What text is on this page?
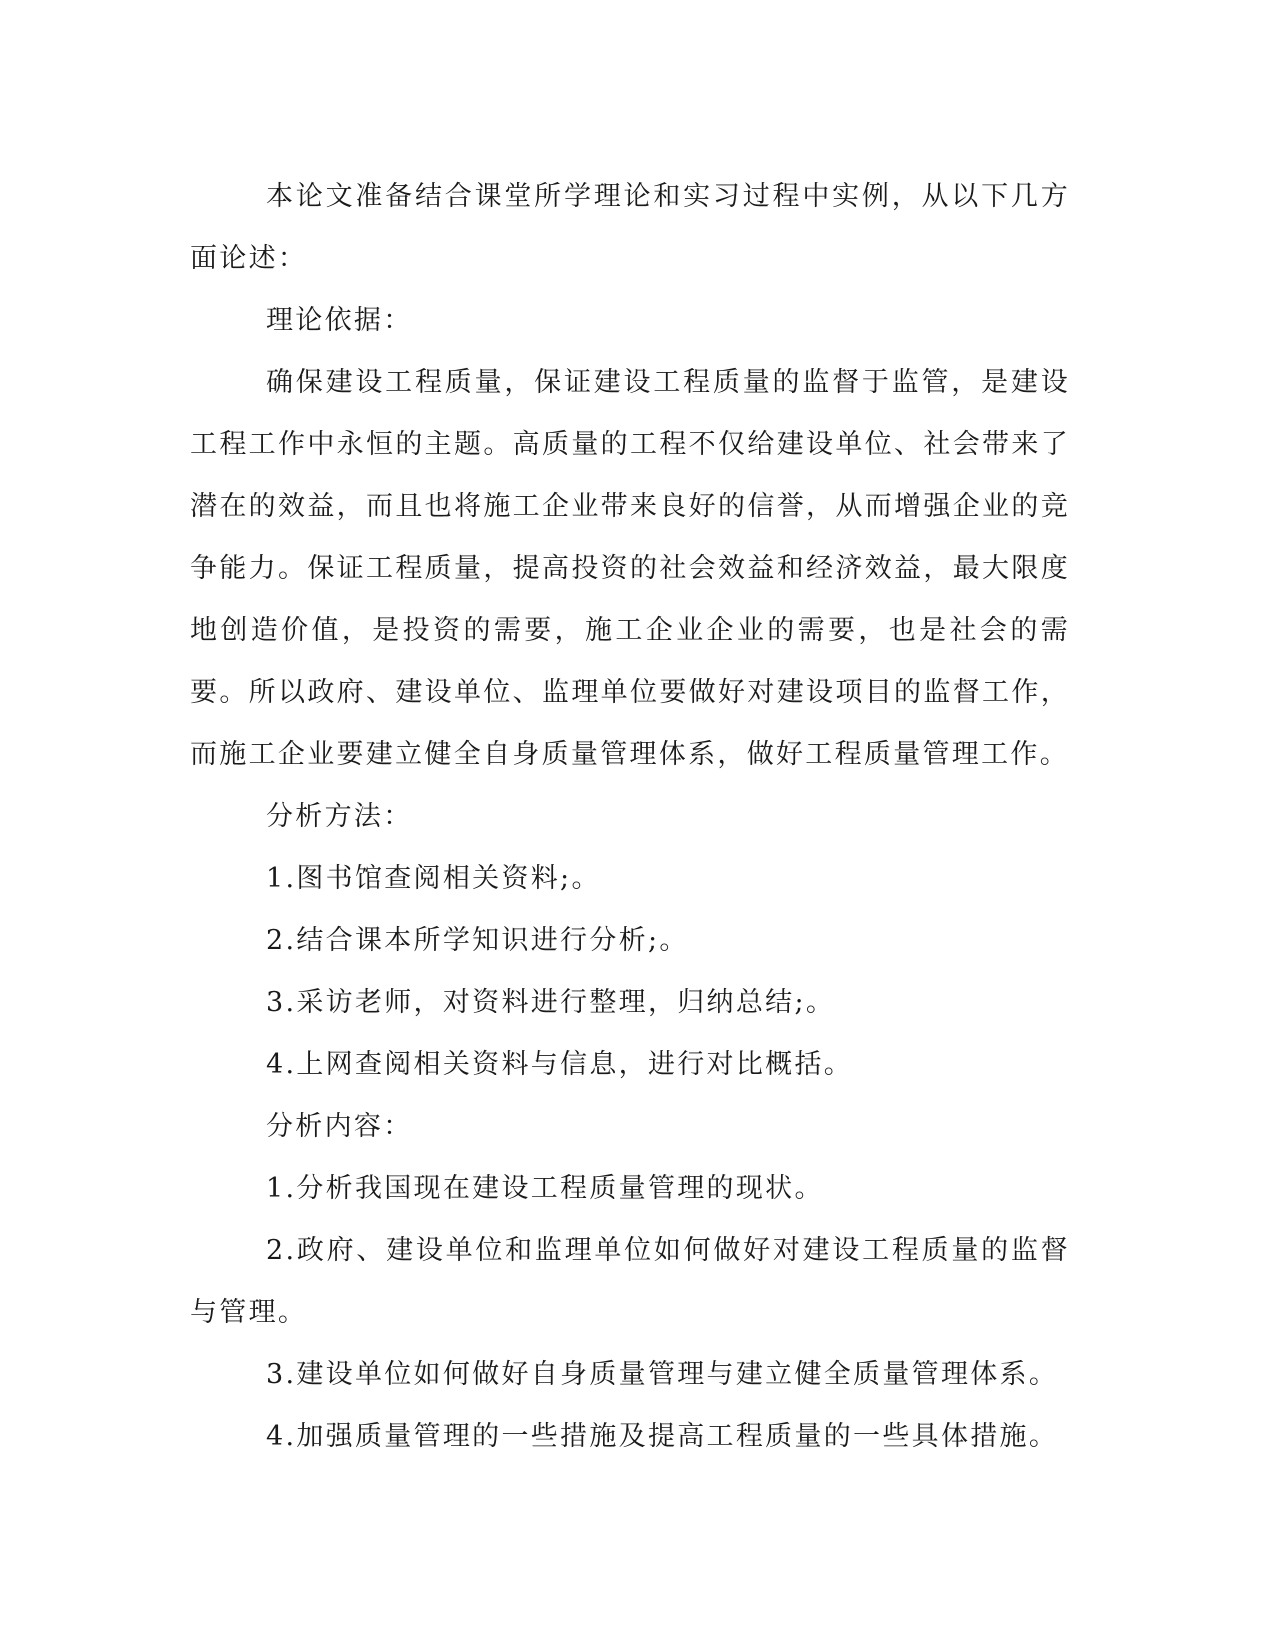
本论文准备结合课堂所学理论和实习过程中实例，从以下几方面论述：

理论依据：

确保建设工程质量，保证建设工程质量的监督于监管，是建设工程工作中永恒的主题。高质量的工程不仅给建设单位、社会带来了潜在的效益，而且也将施工企业带来良好的信誉，从而增强企业的竞争能力。保证工程质量，提高投资的社会效益和经济效益，最大限度地创造价值，是投资的需要，施工企业企业的需要，也是社会的需要。所以政府、建设单位、监理单位要做好对建设项目的监督工作，而施工企业要建立健全自身质量管理体系，做好工程质量管理工作。

分析方法：

1.图书馆查阅相关资料;。

2.结合课本所学知识进行分析;。

3.采访老师，对资料进行整理，归纳总结;。

4.上网查阅相关资料与信息，进行对比概括。

分析内容：

1.分析我国现在建设工程质量管理的现状。

2.政府、建设单位和监理单位如何做好对建设工程质量的监督与管理。

3.建设单位如何做好自身质量管理与建立健全质量管理体系。

4.加强质量管理的一些措施及提高工程质量的一些具体措施。
